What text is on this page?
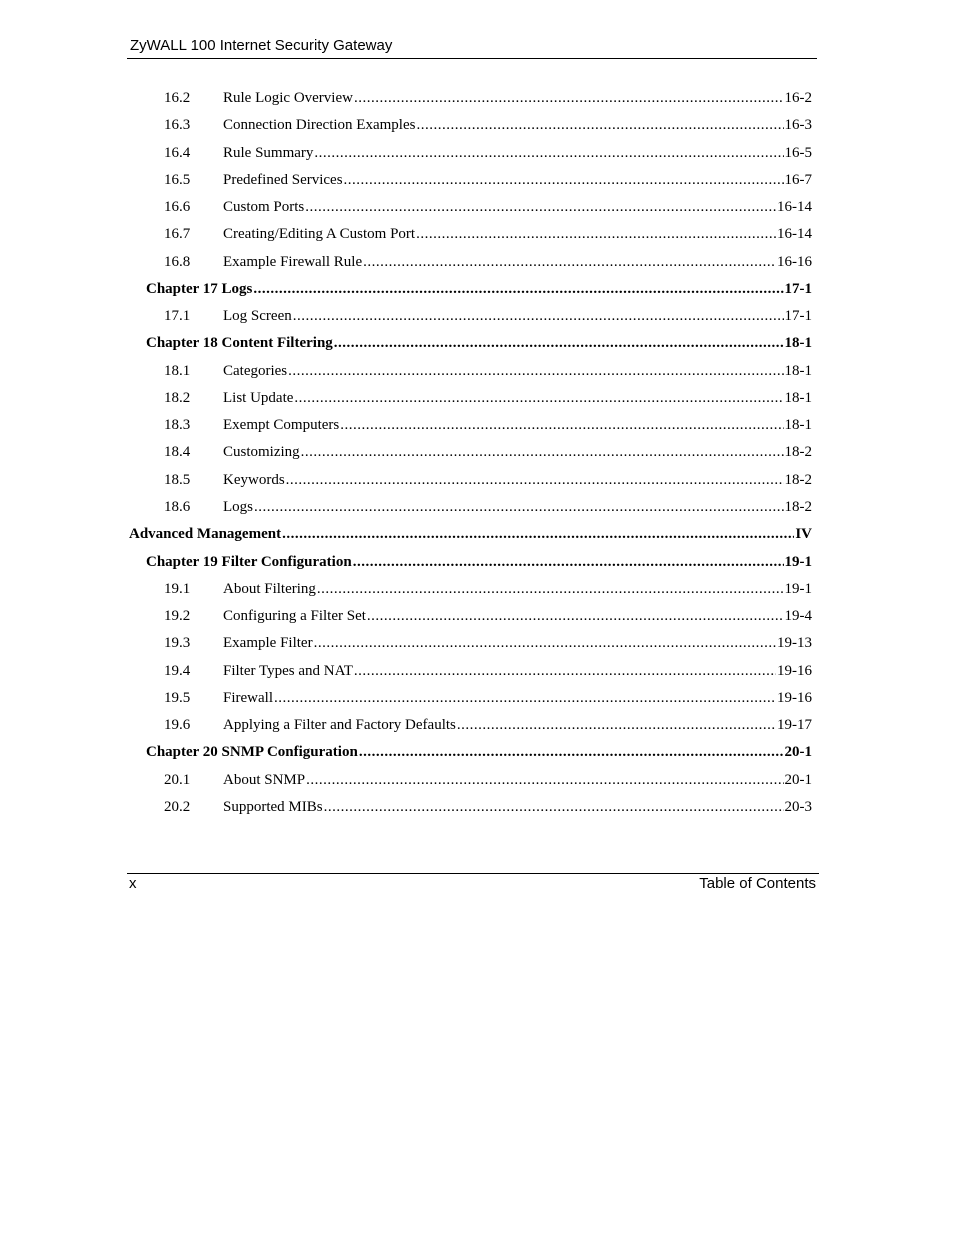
ZyWALL 100 Internet Security Gateway
16.2 Rule Logic Overview .....	16-2
16.3 Connection Direction Examples .....	16-3
16.4 Rule Summary .....	16-5
16.5 Predefined Services .....	16-7
16.6 Custom Ports .....	16-14
16.7 Creating/Editing A Custom Port .....	16-14
16.8 Example Firewall Rule .....	16-16
Chapter 17 Logs .....	17-1
17.1 Log Screen .....	17-1
Chapter 18 Content Filtering .....	18-1
18.1 Categories .....	18-1
18.2 List Update .....	18-1
18.3 Exempt Computers .....	18-1
18.4 Customizing .....	18-2
18.5 Keywords .....	18-2
18.6 Logs .....	18-2
Advanced Management .....	IV
Chapter 19 Filter Configuration .....	19-1
19.1 About Filtering .....	19-1
19.2 Configuring a Filter Set .....	19-4
19.3 Example Filter .....	19-13
19.4 Filter Types and NAT .....	19-16
19.5 Firewall .....	19-16
19.6 Applying a Filter and Factory Defaults .....	19-17
Chapter 20 SNMP Configuration .....	20-1
20.1 About SNMP .....	20-1
20.2 Supported MIBs .....	20-3
x	Table of Contents
